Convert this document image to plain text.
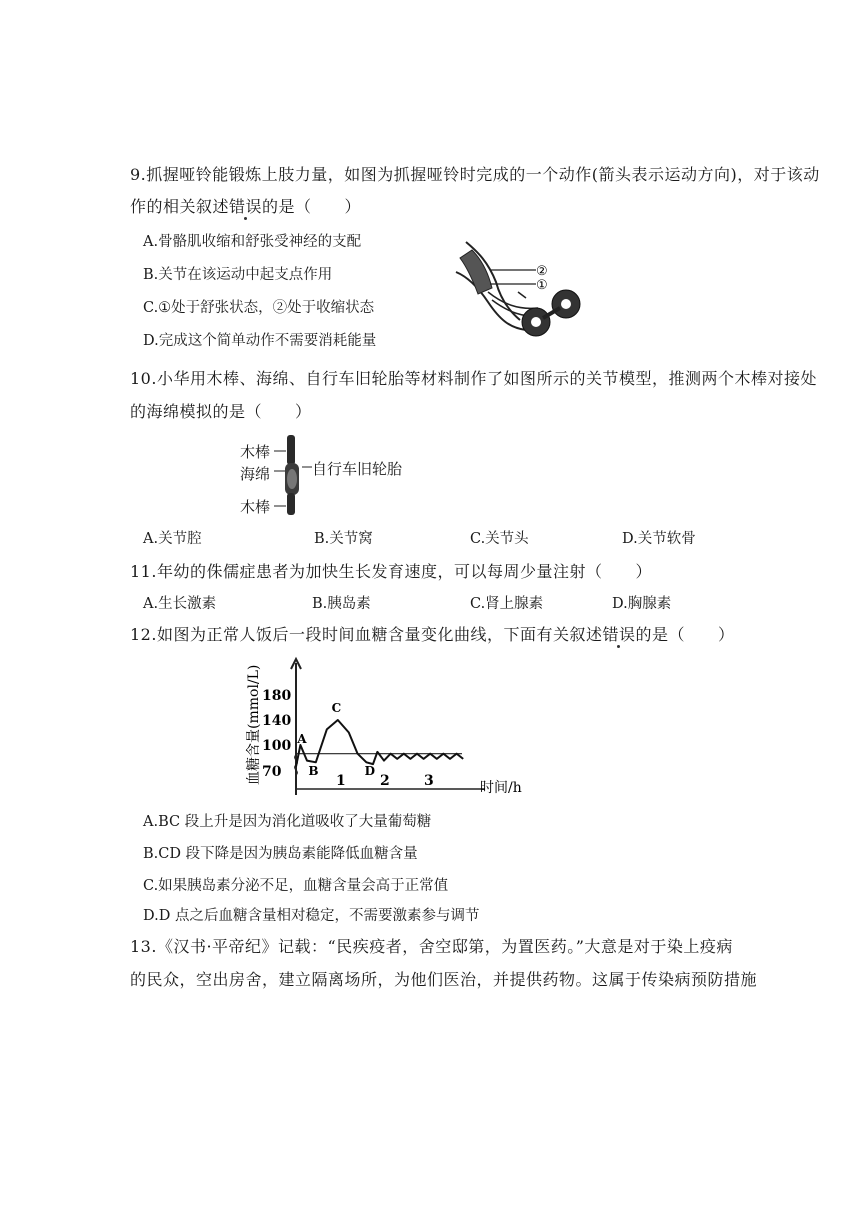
9.抓握哑铃能锻炼上肢力量，如图为抓握哑铃时完成的一个动作(箭头表示运动方向)，对于该动
作的相关叙述错误的是（　　）
A.骨骼肌收缩和舒张受神经的支配
B.关节在该运动中起支点作用
C.①处于舒张状态，②处于收缩状态
D.完成这个简单动作不需要消耗能量
②
①
10.小华用木棒、海绵、自行车旧轮胎等材料制作了如图所示的关节模型，推测两个木棒对接处
的海绵模拟的是（　　）
木棒
海绵	自行车旧轮胎
木棒
A.关节腔	B.关节窝	C.关节头	D.关节软骨
11.年幼的侏儒症患者为加快生长发育速度，可以每周少量注射（　　）
A.生长激素	B.胰岛素	C.肾上腺素	D.胸腺素
12.如图为正常人饭后一段时间血糖含量变化曲线，下面有关叙述错误的是（　　）
血糖含量(mmol/L)
时间/h
180
140
100
70
1 2 3
A
B
C
D
A.BC 段上升是因为消化道吸收了大量葡萄糖
B.CD 段下降是因为胰岛素能降低血糖含量
C.如果胰岛素分泌不足，血糖含量会高于正常值
D.D 点之后血糖含量相对稳定，不需要激素参与调节
13.《汉书·平帝纪》记载：“民疾疫者，舍空邸第，为置医药。”大意是对于染上疫病
的民众，空出房舍，建立隔离场所，为他们医治，并提供药物。这属于传染病预防措施
